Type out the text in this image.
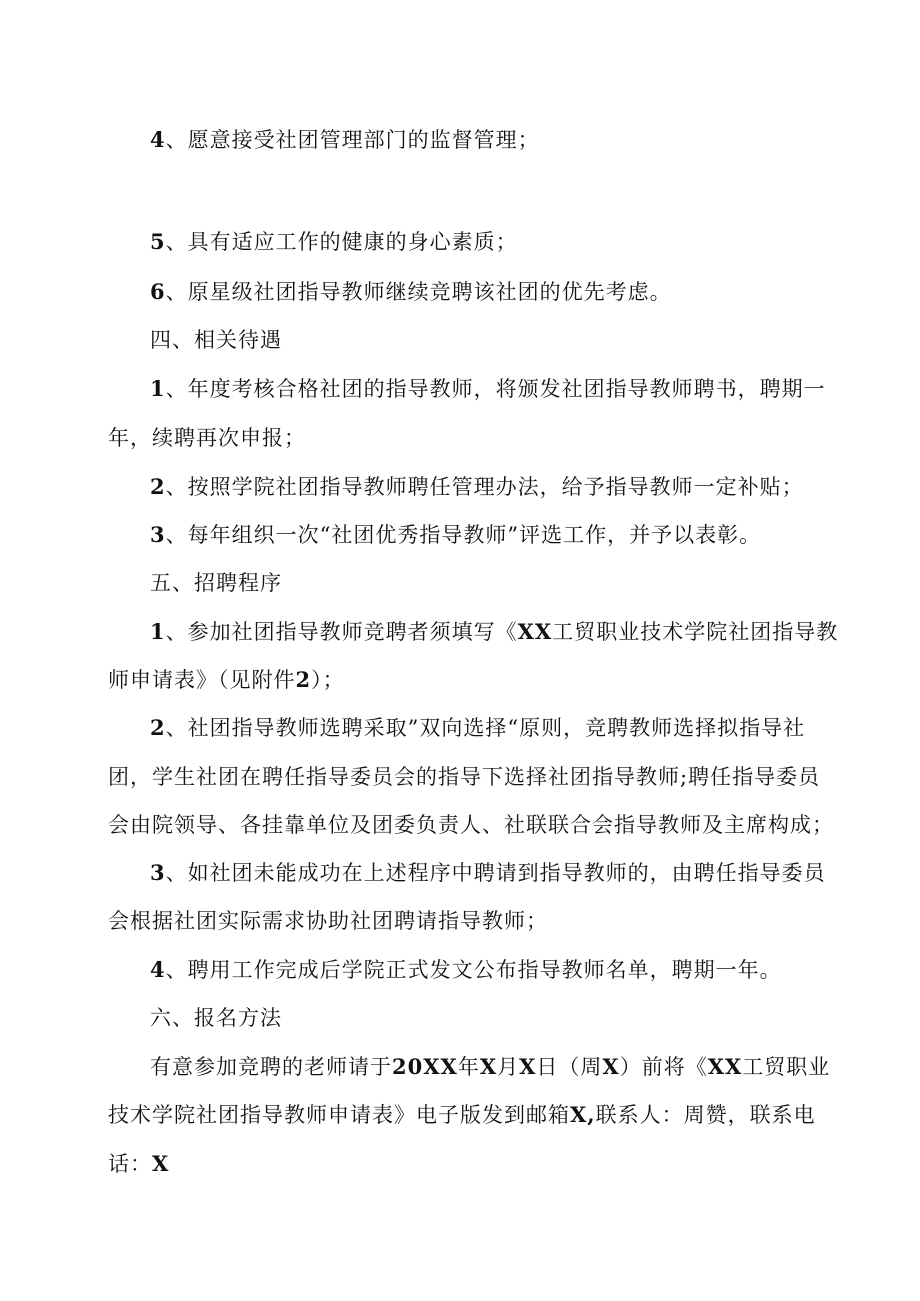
4、愿意接受社团管理部门的监督管理；
5、具有适应工作的健康的身心素质；
6、原星级社团指导教师继续竞聘该社团的优先考虑。
四、相关待遇
1、年度考核合格社团的指导教师，将颁发社团指导教师聘书，聘期一
年，续聘再次申报；
2、按照学院社团指导教师聘任管理办法，给予指导教师一定补贴；
3、每年组织一次“社团优秀指导教师”评选工作，并予以表彰。
五、招聘程序
1、参加社团指导教师竞聘者须填写《XX工贸职业技术学院社团指导教
师申请表》（见附件2）；
2、社团指导教师选聘采取”双向选择“原则，竞聘教师选择拟指导社
团，学生社团在聘任指导委员会的指导下选择社团指导教师;聘任指导委员
会由院领导、各挂靠单位及团委负责人、社联联合会指导教师及主席构成；
3、如社团未能成功在上述程序中聘请到指导教师的，由聘任指导委员
会根据社团实际需求协助社团聘请指导教师；
4、聘用工作完成后学院正式发文公布指导教师名单，聘期一年。
六、报名方法
有意参加竞聘的老师请于20XX年X月X日（周X）前将《XX工贸职业
技术学院社团指导教师申请表》电子版发到邮箱X,联系人：周赞，联系电
话：X
